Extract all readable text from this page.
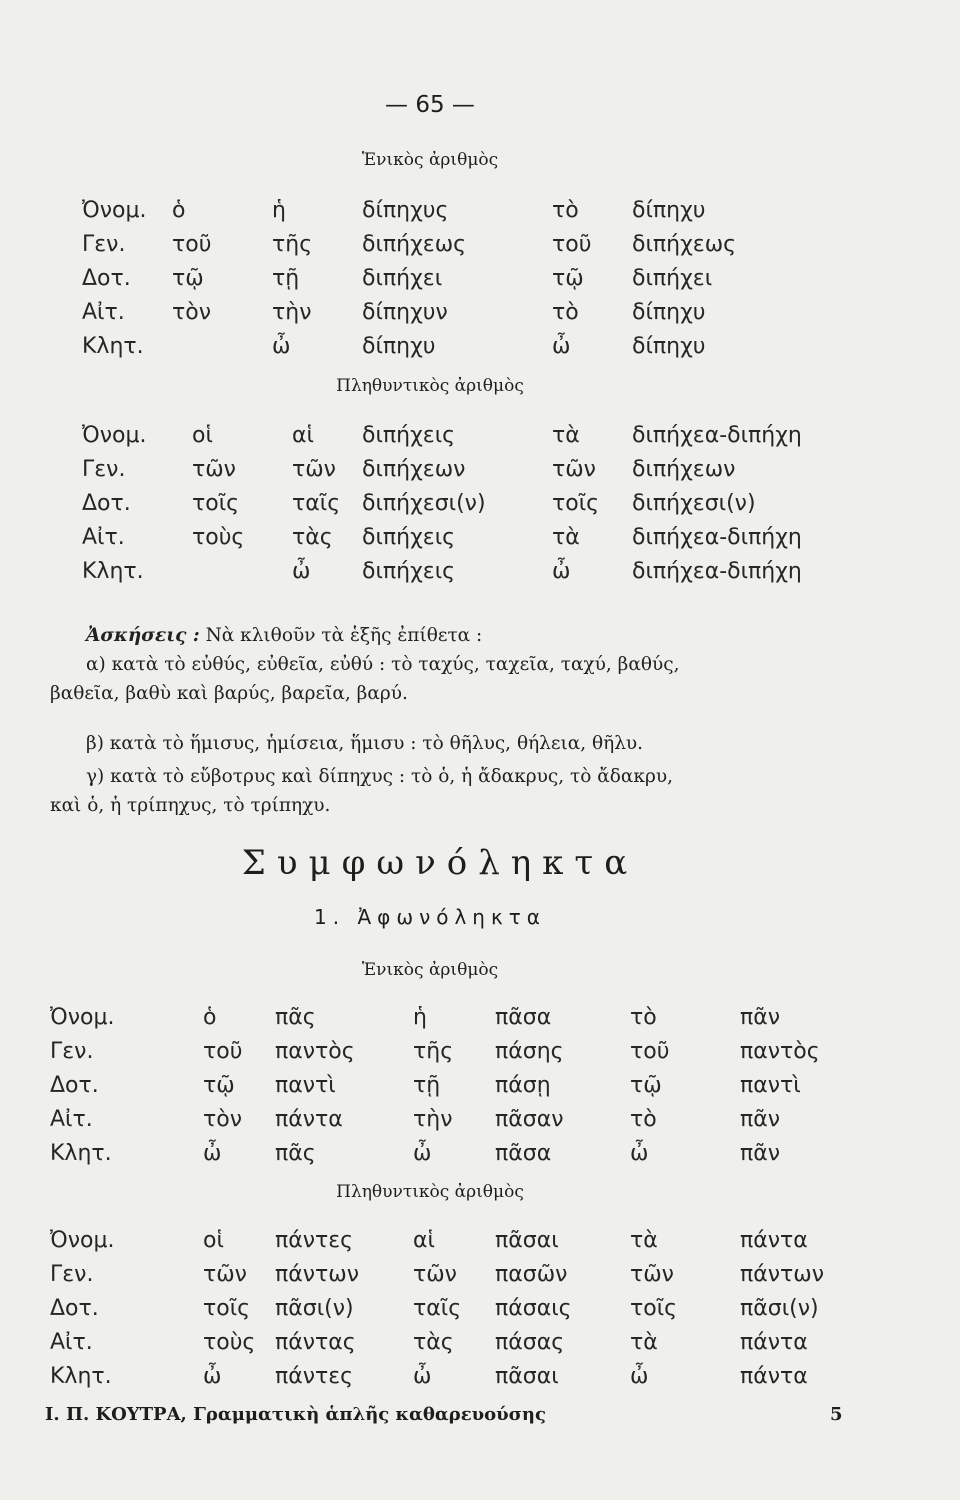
— 65 —
Ἑνικὸς ἀριθμὸς
Ὀνομ.	ὁ	ἡ	δίπηχυς	τὸ	δίπηχυ
Γεν.	τοῦ	τῆς	διπήχεως	τοῦ	διπήχεως
Δοτ.	τῷ	τῇ	διπήχει	τῷ	διπήχει
Αἰτ.	τὸν	τὴν	δίπηχυν	τὸ	δίπηχυ
Κλητ.		ὦ	δίπηχυ	ὦ	δίπηχυ
Πληθυντικὸς ἀριθμὸς
Ὀνομ.	οἱ	αἱ	διπήχεις	τὰ	διπήχεα-διπήχη
Γεν.	τῶν	τῶν	διπήχεων	τῶν	διπήχεων
Δοτ.	τοῖς	ταῖς	διπήχεσι(ν)	τοῖς	διπήχεσι(ν)
Αἰτ.	τοὺς	τὰς	διπήχεις	τὰ	διπήχεα-διπήχη
Κλητ.		ὦ	διπήχεις	ὦ	διπήχεα-διπήχη
Ἀσκήσεις : Νὰ κλιθοῦν τὰ ἑξῆς ἐπίθετα :
α) κατὰ τὸ εὐθύς, εὐθεῖα, εὐθύ : τὸ ταχύς, ταχεῖα, ταχύ, βαθύς,
βαθεῖα, βαθὺ καὶ βαρύς, βαρεῖα, βαρύ.
β) κατὰ τὸ ἥμισυς, ἡμίσεια, ἥμισυ : τὸ θῆλυς, θήλεια, θῆλυ.
γ) κατὰ τὸ εὔβοτρυς καὶ δίπηχυς : τὸ ὁ, ἡ ἄδακρυς, τὸ ἄδακρυ,
καὶ ὁ, ἡ τρίπηχυς, τὸ τρίπηχυ.
Συμφωνόληκτα
1. Ἀφωνόληκτα
Ἑνικὸς ἀριθμὸς
Ὀνομ.	ὁ	πᾶς	ἡ	πᾶσα	τὸ	πᾶν
Γεν.	τοῦ	παντὸς	τῆς	πάσης	τοῦ	παντὸς
Δοτ.	τῷ	παντὶ	τῇ	πάσῃ	τῷ	παντὶ
Αἰτ.	τὸν	πάντα	τὴν	πᾶσαν	τὸ	πᾶν
Κλητ.	ὦ	πᾶς	ὦ	πᾶσα	ὦ	πᾶν
Πληθυντικὸς ἀριθμὸς
Ὀνομ.	οἱ	πάντες	αἱ	πᾶσαι	τὰ	πάντα
Γεν.	τῶν	πάντων	τῶν	πασῶν	τῶν	πάντων
Δοτ.	τοῖς	πᾶσι(ν)	ταῖς	πάσαις	τοῖς	πᾶσι(ν)
Αἰτ.	τοὺς	πάντας	τὰς	πάσας	τὰ	πάντα
Κλητ.	ὦ	πάντες	ὦ	πᾶσαι	ὦ	πάντα
Ι. Π. ΚΟΥΤΡΑ, Γραμματικὴ ἁπλῆς καθαρευούσης	5
